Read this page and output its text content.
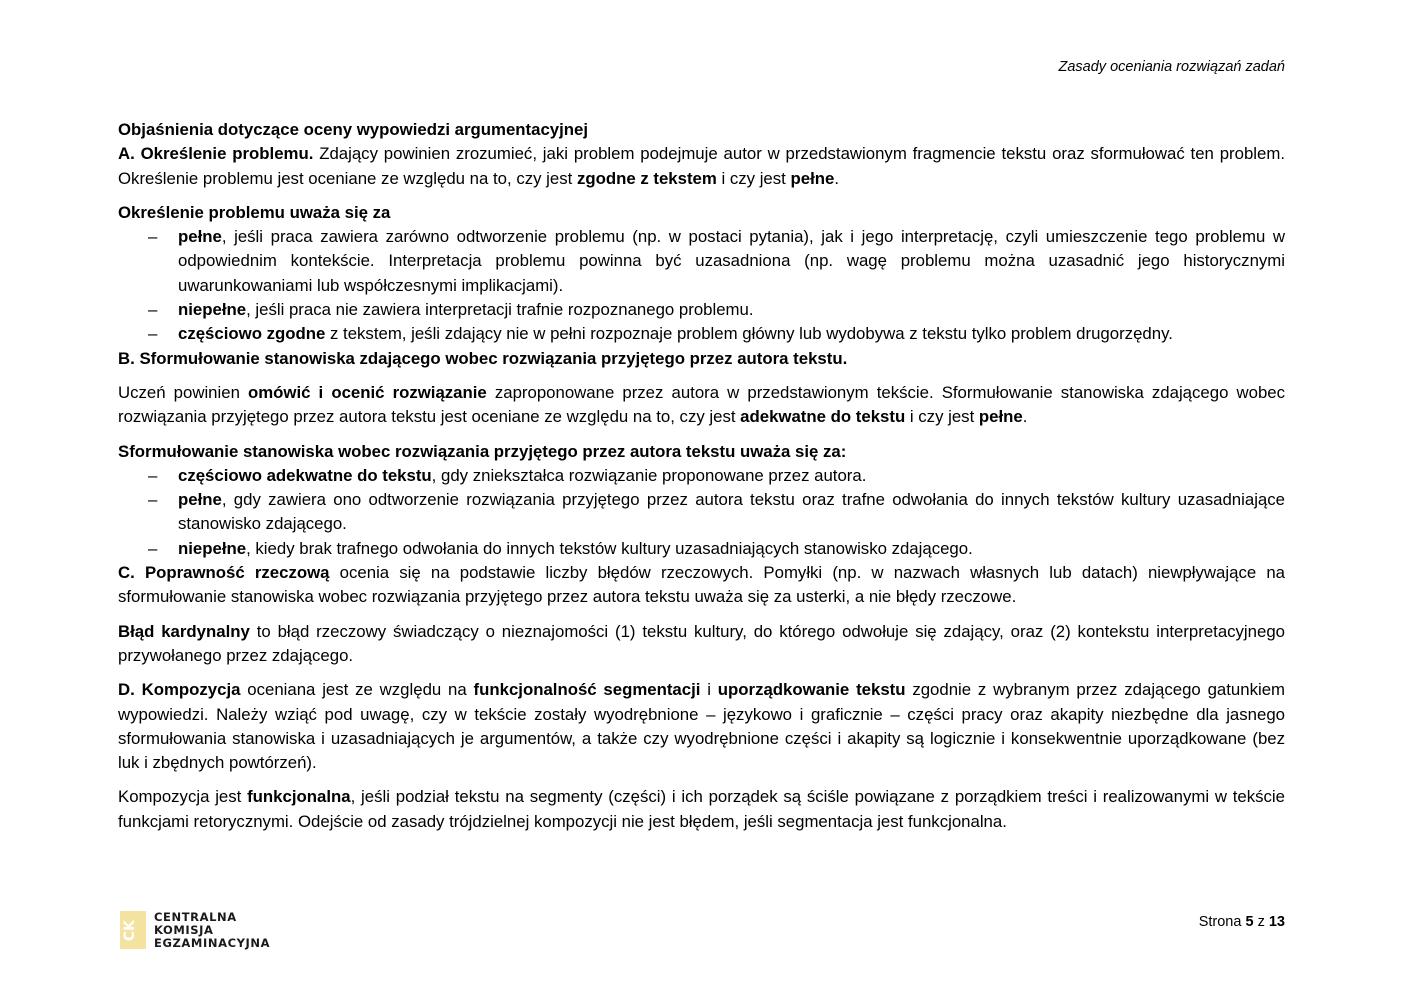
Zasady oceniania rozwiązań zadań

Objaśnienia dotyczące oceny wypowiedzi argumentacyjnej

A. Określenie problemu. Zdający powinien zrozumieć, jaki problem podejmuje autor w przedstawionym fragmencie tekstu oraz sformułować ten problem. Określenie problemu jest oceniane ze względu na to, czy jest zgodne z tekstem i czy jest pełne.

Określenie problemu uważa się za

– pełne, jeśli praca zawiera zarówno odtworzenie problemu (np. w postaci pytania), jak i jego interpretację, czyli umieszczenie tego problemu w odpowiednim kontekście. Interpretacja problemu powinna być uzasadniona (np. wagę problemu można uzasadnić jego historycznymi uwarunkowaniami lub współczesnymi implikacjami).
– niepełne, jeśli praca nie zawiera interpretacji trafnie rozpoznanego problemu.
– częściowo zgodne z tekstem, jeśli zdający nie w pełni rozpoznaje problem główny lub wydobywa z tekstu tylko problem drugorzędny.

B. Sformułowanie stanowiska zdającego wobec rozwiązania przyjętego przez autora tekstu.

Uczeń powinien omówić i ocenić rozwiązanie zaproponowane przez autora w przedstawionym tekście. Sformułowanie stanowiska zdającego wobec rozwiązania przyjętego przez autora tekstu jest oceniane ze względu na to, czy jest adekwatne do tekstu i czy jest pełne.

Sformułowanie stanowiska wobec rozwiązania przyjętego przez autora tekstu uważa się za:

– częściowo adekwatne do tekstu, gdy zniekształca rozwiązanie proponowane przez autora.
– pełne, gdy zawiera ono odtworzenie rozwiązania przyjętego przez autora tekstu oraz trafne odwołania do innych tekstów kultury uzasadniające stanowisko zdającego.
– niepełne, kiedy brak trafnego odwołania do innych tekstów kultury uzasadniających stanowisko zdającego.

C. Poprawność rzeczową ocenia się na podstawie liczby błędów rzeczowych. Pomyłki (np. w nazwach własnych lub datach) niewpływające na sformułowanie stanowiska wobec rozwiązania przyjętego przez autora tekstu uważa się za usterki, a nie błędy rzeczowe.

Błąd kardynalny to błąd rzeczowy świadczący o nieznajomości (1) tekstu kultury, do którego odwołuje się zdający, oraz (2) kontekstu interpretacyjnego przywołanego przez zdającego.

D. Kompozycja oceniana jest ze względu na funkcjonalność segmentacji i uporządkowanie tekstu zgodnie z wybranym przez zdającego gatunkiem wypowiedzi. Należy wziąć pod uwagę, czy w tekście zostały wyodrębnione – językowo i graficznie – części pracy oraz akapity niezbędne dla jasnego sformułowania stanowiska i uzasadniających je argumentów, a także czy wyodrębnione części i akapity są logicznie i konsekwentnie uporządkowane (bez luk i zbędnych powtórzeń).

Kompozycja jest funkcjonalna, jeśli podział tekstu na segmenty (części) i ich porządek są ściśle powiązane z porządkiem treści i realizowanymi w tekście funkcjami retorycznymi. Odejście od zasady trójdzielnej kompozycji nie jest błędem, jeśli segmentacja jest funkcjonalna.

CK
CENTRALNA
KOMISJA
EGZAMINACYJNA
Strona 5 z 13
